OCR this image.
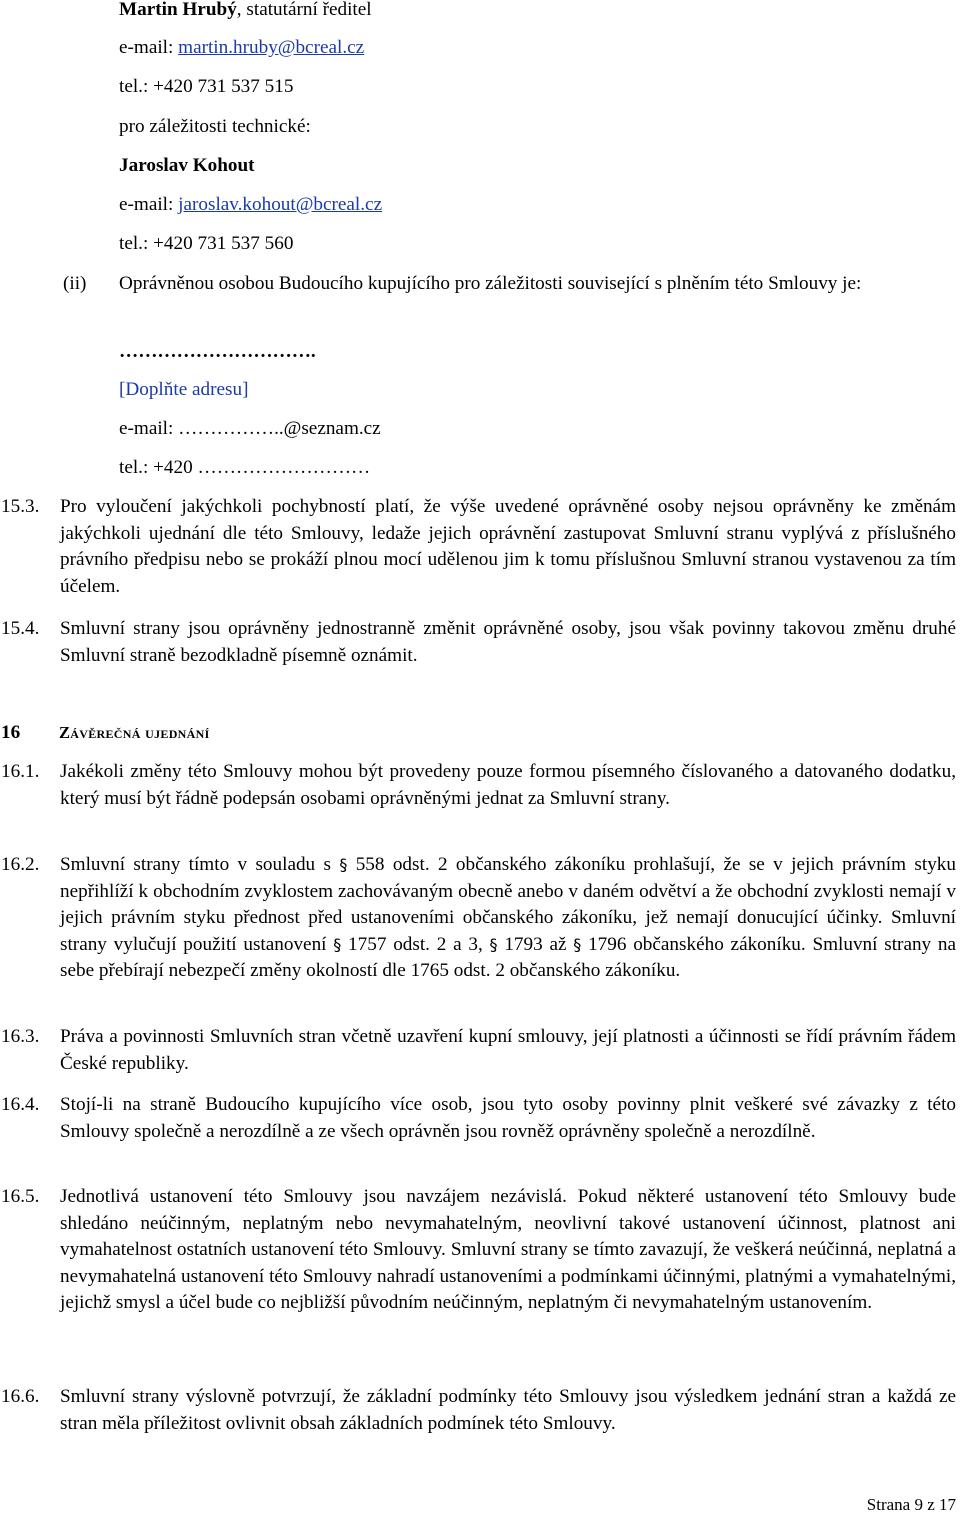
Martin Hrubý, statutární ředitel
e-mail: martin.hruby@bcreal.cz
tel.: +420 731 537 515
pro záležitosti technické:
Jaroslav Kohout
e-mail: jaroslav.kohout@bcreal.cz
tel.: +420 731 537 560
(ii) Oprávněnou osobou Budoucího kupujícího pro záležitosti související s plněním této Smlouvy je:
………………………….
[Doplňte adresu]
e-mail: ……………..@seznam.cz
tel.: +420 ………………………
15.3.	Pro vyloučení jakýchkoli pochybností platí, že výše uvedené oprávněné osoby nejsou oprávněny ke změnám jakýchkoli ujednání dle této Smlouvy, ledaže jejich oprávnění zastupovat Smluvní stranu vyplývá z příslušného právního předpisu nebo se prokáží plnou mocí udělenou jim k tomu příslušnou Smluvní stranou vystavenou za tím účelem.
15.4.	Smluvní strany jsou oprávněny jednostranně změnit oprávněné osoby, jsou však povinny takovou změnu druhé Smluvní straně bezodkladně písemně oznámit.
16 Závěrečná ujednání
16.1.	Jakékoli změny této Smlouvy mohou být provedeny pouze formou písemného číslovaného a datovaného dodatku, který musí být řádně podepsán osobami oprávněnými jednat za Smluvní strany.
16.2.	Smluvní strany tímto v souladu s § 558 odst. 2 občanského zákoníku prohlašují, že se v jejich právním styku nepřihlíží k obchodním zvyklostem zachovávaným obecně anebo v daném odvětví a že obchodní zvyklosti nemají v jejich právním styku přednost před ustanoveními občanského zákoníku, jež nemají donucující účinky. Smluvní strany vylučují použití ustanovení § 1757 odst. 2 a 3, § 1793 až § 1796 občanského zákoníku. Smluvní strany na sebe přebírají nebezpečí změny okolností dle 1765 odst. 2 občanského zákoníku.
16.3.	Práva a povinnosti Smluvních stran včetně uzavření kupní smlouvy, její platnosti a účinnosti se řídí právním řádem České republiky.
16.4.	Stojí-li na straně Budoucího kupujícího více osob, jsou tyto osoby povinny plnit veškeré své závazky z této Smlouvy společně a nerozdílně a ze všech oprávněn jsou rovněž oprávněny společně a nerozdílně.
16.5.	Jednotlivá ustanovení této Smlouvy jsou navzájem nezávislá. Pokud některé ustanovení této Smlouvy bude shledáno neúčinným, neplatným nebo nevymahatelným, neovlivní takové ustanovení účinnost, platnost ani vymahatelnost ostatních ustanovení této Smlouvy. Smluvní strany se tímto zavazují, že veškerá neúčinná, neplatná a nevymahatelná ustanovení této Smlouvy nahradí ustanoveními a podmínkami účinnými, platnými a vymahatelnými, jejichž smysl a účel bude co nejbližší původním neúčinným, neplatným či nevymahatelným ustanovením.
16.6.	Smluvní strany výslovně potvrzují, že základní podmínky této Smlouvy jsou výsledkem jednání stran a každá ze stran měla příležitost ovlivnit obsah základních podmínek této Smlouvy.
Strana 9 z 17
